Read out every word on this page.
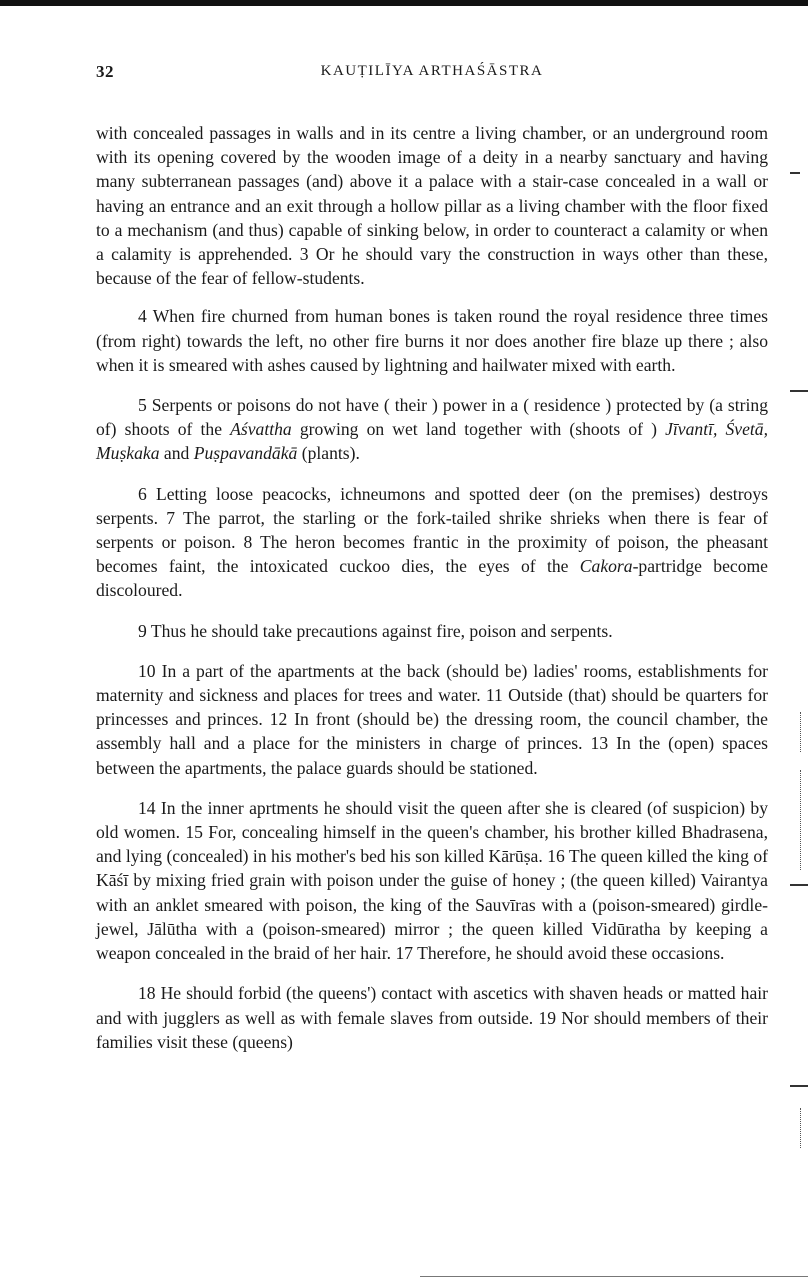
32	KAUṬILĪYA ARTHAŚĀSTRA

with concealed passages in walls and in its centre a living chamber, or an underground room with its opening covered by the wooden image of a deity in a nearby sanctuary and having many subterranean passages (and) above it a palace with a stair-case concealed in a wall or having an entrance and an exit through a hollow pillar as a living chamber with the floor fixed to a mechanism (and thus) capable of sinking below, in order to counteract a calamity or when a calamity is apprehended. 3 Or he should vary the construction in ways other than these, because of the fear of fellow-students.

4 When fire churned from human bones is taken round the royal residence three times (from right) towards the left, no other fire burns it nor does another fire blaze up there ; also when it is smeared with ashes caused by lightning and hailwater mixed with earth.

5 Serpents or poisons do not have ( their ) power in a ( residence ) protected by (a string of) shoots of the Aśvattha growing on wet land together with (shoots of ) Jīvantī, Śvetā, Muṣkaka and Puṣpavandākā (plants).

6 Letting loose peacocks, ichneumons and spotted deer (on the premises) destroys serpents. 7 The parrot, the starling or the fork-tailed shrike shrieks when there is fear of serpents or poison. 8 The heron becomes frantic in the proximity of poison, the pheasant becomes faint, the intoxicated cuckoo dies, the eyes of the Cakora-partridge become discoloured.

9 Thus he should take precautions against fire, poison and serpents.

10 In a part of the apartments at the back (should be) ladies' rooms, establishments for maternity and sickness and places for trees and water. 11 Outside (that) should be quarters for princesses and princes. 12 In front (should be) the dressing room, the council chamber, the assembly hall and a place for the ministers in charge of princes. 13 In the (open) spaces between the apartments, the palace guards should be stationed.

14 In the inner aprtments he should visit the queen after she is cleared (of suspicion) by old women. 15 For, concealing himself in the queen's chamber, his brother killed Bhadrasena, and lying (concealed) in his mother's bed his son killed Kārūṣa. 16 The queen killed the king of Kāśī by mixing fried grain with poison under the guise of honey ; (the queen killed) Vairantya with an anklet smeared with poison, the king of the Sauvīras with a (poison-smeared) girdle-jewel, Jālūtha with a (poison-smeared) mirror ; the queen killed Vidūratha by keeping a weapon concealed in the braid of her hair. 17 Therefore, he should avoid these occasions.

18 He should forbid (the queens') contact with ascetics with shaven heads or matted hair and with jugglers as well as with female slaves from outside. 19 Nor should members of their families visit these (queens)
